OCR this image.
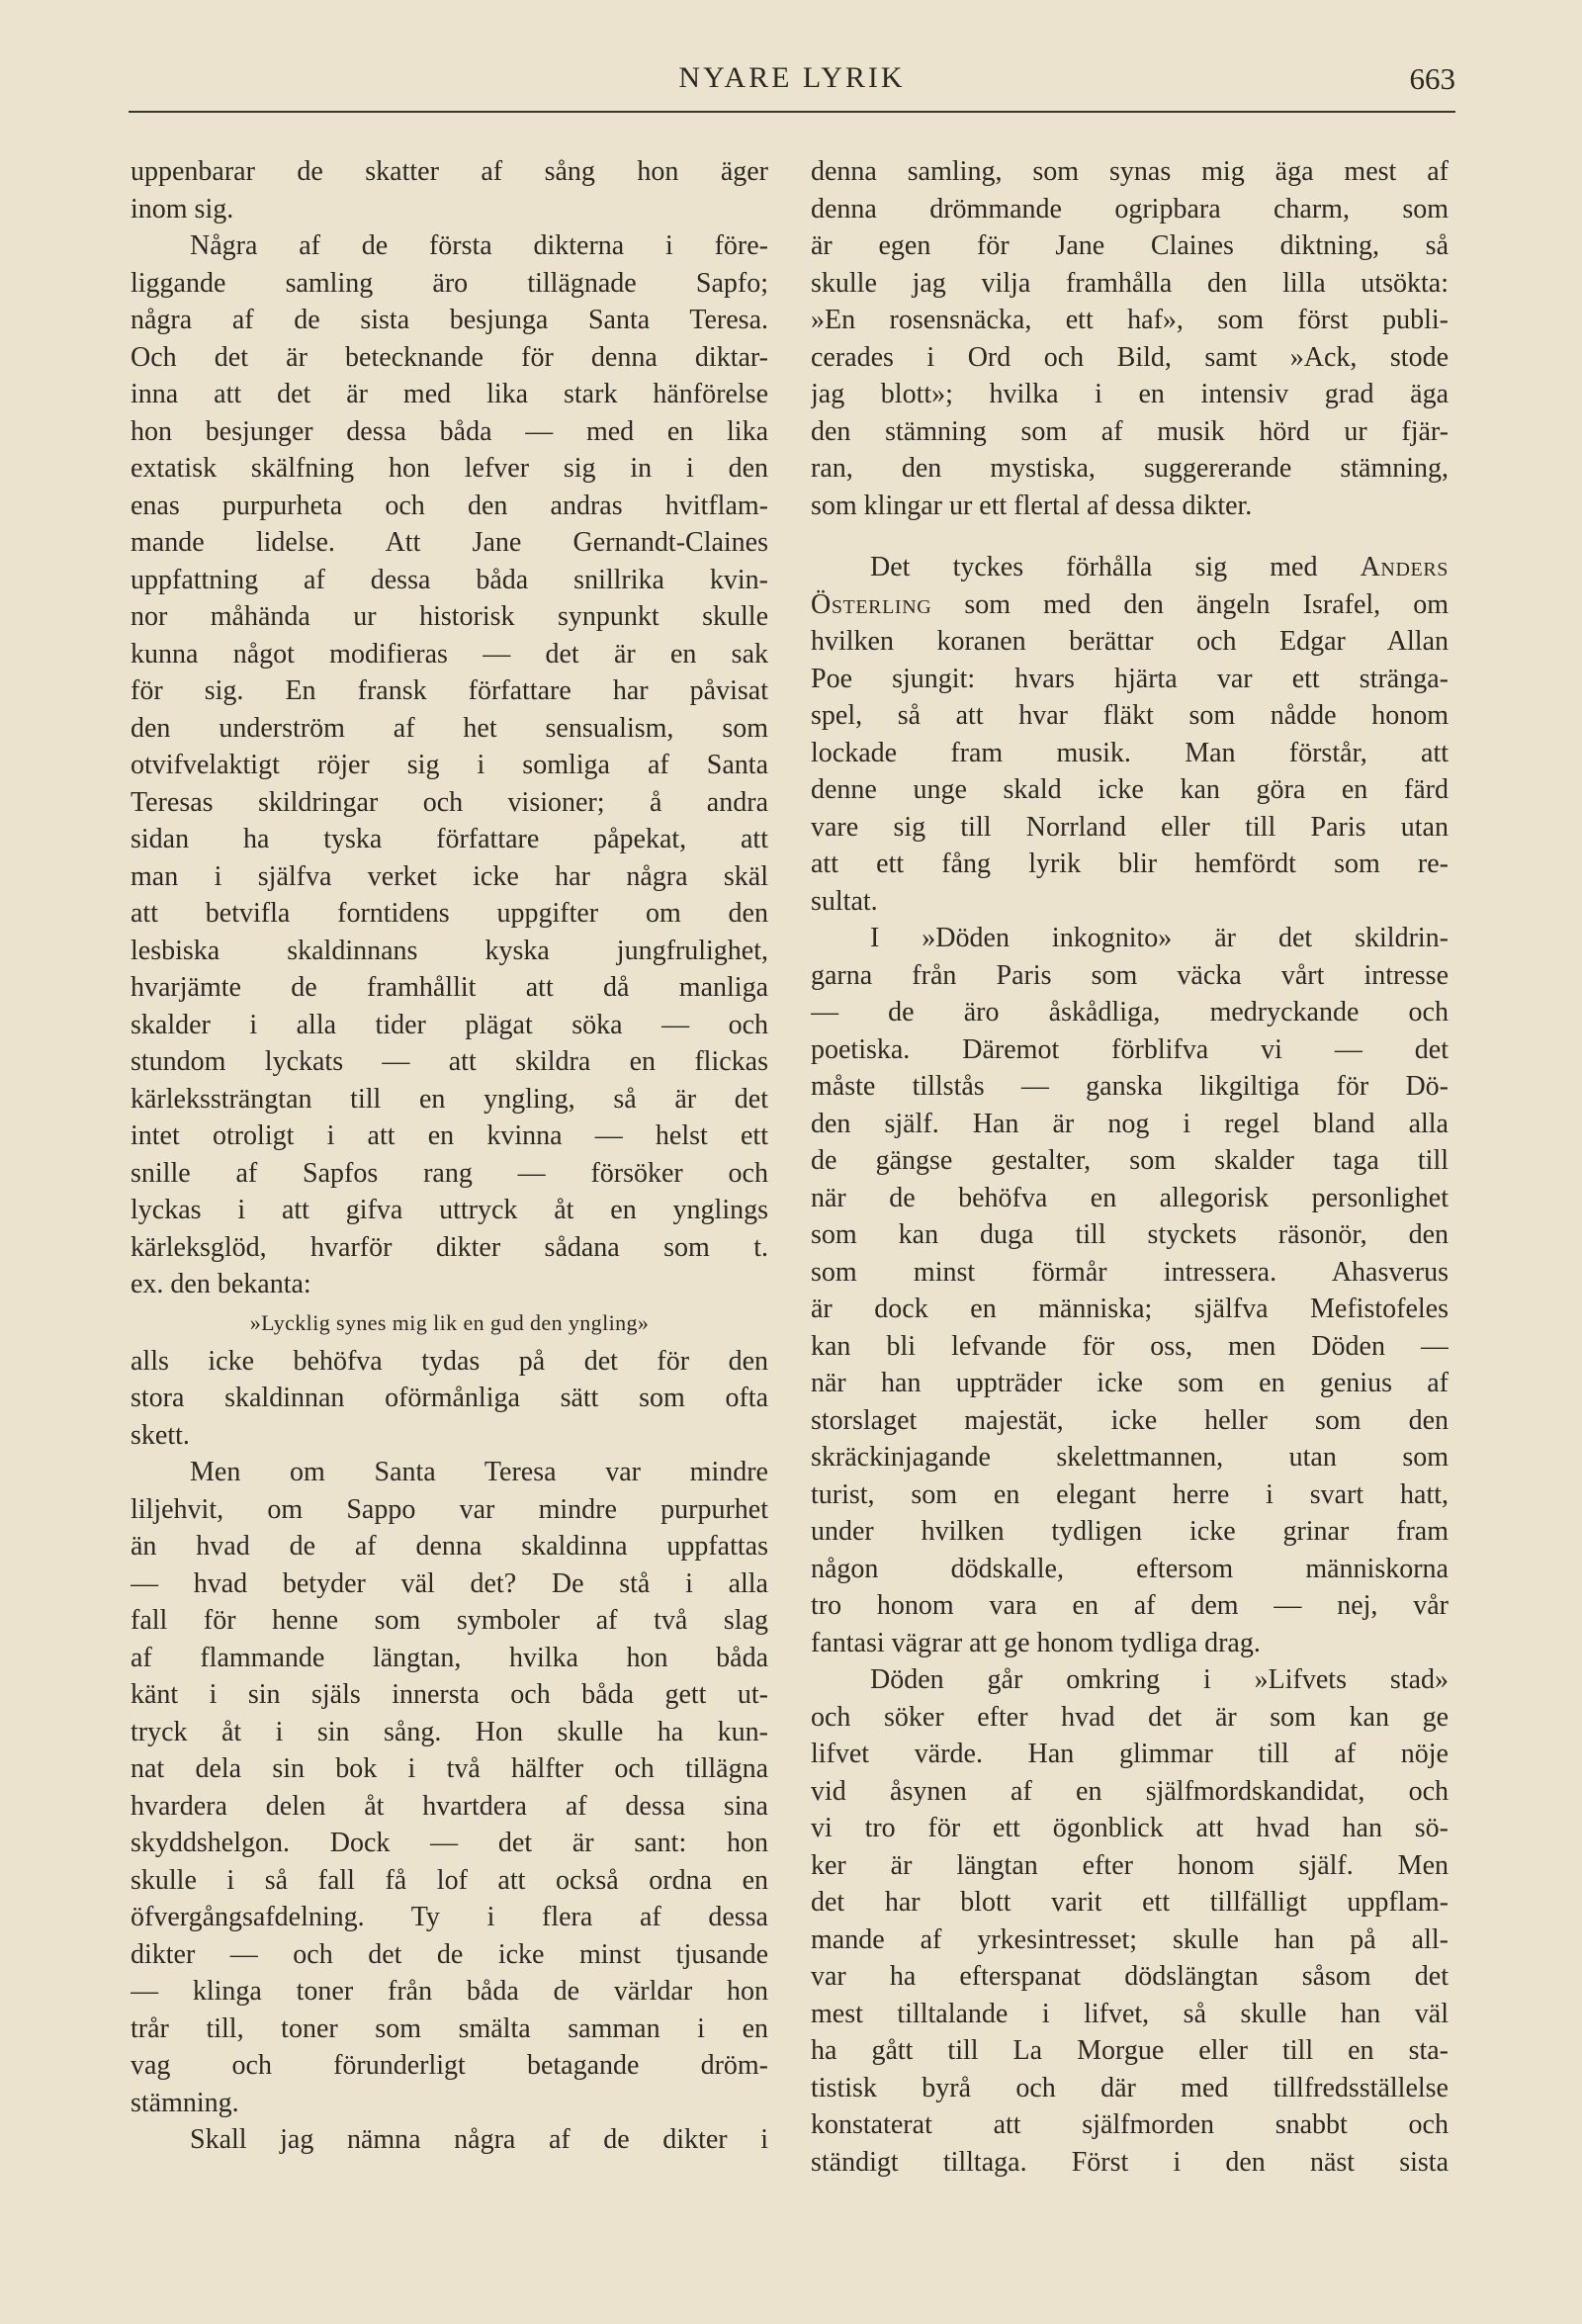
NYARE LYRIK	663
uppenbarar de skatter af sång hon äger
inom sig.
Några af de första dikterna i före-
liggande samling äro tillägnade Sapfo;
några af de sista besjunga Santa Teresa.
Och det är betecknande för denna diktar-
inna att det är med lika stark hänförelse
hon besjunger dessa båda — med en lika
extatisk skälfning hon lefver sig in i den
enas purpurheta och den andras hvitflam-
mande lidelse. Att Jane Gernandt-Claines
uppfattning af dessa båda snillrika kvin-
nor måhända ur historisk synpunkt skulle
kunna något modifieras — det är en sak
för sig. En fransk författare har påvisat
den underström af het sensualism, som
otvifvelaktigt röjer sig i somliga af Santa
Teresas skildringar och visioner; å andra
sidan ha tyska författare påpekat, att
man i själfva verket icke har några skäl
att betvifla forntidens uppgifter om den
lesbiska skaldinnans kyska jungfrulighet,
hvarjämte de framhållit att då manliga
skalder i alla tider plägat söka — och
stundom lyckats — att skildra en flickas
kärlekssträngtan till en yngling, så är det
intet otroligt i att en kvinna — helst ett
snille af Sapfos rang — försöker och
lyckas i att gifva uttryck åt en ynglings
kärleksglöd, hvarför dikter sådana som t.
ex. den bekanta:
»Lycklig synes mig lik en gud den yngling»
alls icke behöfva tydas på det för den
stora skaldinnan oförmånliga sätt som ofta
skett.
Men om Santa Teresa var mindre
liljehvit, om Sappo var mindre purpurhet
än hvad de af denna skaldinna uppfattas
— hvad betyder väl det? De stå i alla
fall för henne som symboler af två slag
af flammande längtan, hvilka hon båda
känt i sin själs innersta och båda gett ut-
tryck åt i sin sång. Hon skulle ha kun-
nat dela sin bok i två hälfter och tillägna
hvardera delen åt hvartdera af dessa sina
skyddshelgon. Dock — det är sant: hon
skulle i så fall få lof att också ordna en
öfvergångsafdelning. Ty i flera af dessa
dikter — och det de icke minst tjusande
— klinga toner från båda de världar hon
trår till, toner som smälta samman i en
vag och förunderligt betagande dröm-
stämning.
Skall jag nämna några af de dikter i
denna samling, som synas mig äga mest af
denna drömmande ogripbara charm, som
är egen för Jane Claines diktning, så
skulle jag vilja framhålla den lilla utsökta:
»En rosensnäcka, ett haf», som först publi-
cerades i Ord och Bild, samt »Ack, stode
jag blott»; hvilka i en intensiv grad äga
den stämning som af musik hörd ur fjär-
ran, den mystiska, suggererande stämning,
som klingar ur ett flertal af dessa dikter.
Det tyckes förhålla sig med Anders
Österling som med den ängeln Israfel, om
hvilken koranen berättar och Edgar Allan
Poe sjungit: hvars hjärta var ett stränga-
spel, så att hvar fläkt som nådde honom
lockade fram musik. Man förstår, att
denne unge skald icke kan göra en färd
vare sig till Norrland eller till Paris utan
att ett fång lyrik blir hemfördt som re-
sultat.
I »Döden inkognito» är det skildrin-
garna från Paris som väcka vårt intresse
— de äro åskådliga, medryckande och
poetiska. Däremot förblifva vi — det
måste tillstås — ganska likgiltiga för Dö-
den själf. Han är nog i regel bland alla
de gängse gestalter, som skalder taga till
när de behöfva en allegorisk personlighet
som kan duga till styckets räsonör, den
som minst förmår intressera. Ahasverus
är dock en människa; själfva Mefistofeles
kan bli lefvande för oss, men Döden —
när han uppträder icke som en genius af
storslaget majestät, icke heller som den
skräckinjagande skelettmannen, utan som
turist, som en elegant herre i svart hatt,
under hvilken tydligen icke grinar fram
någon dödskalle, eftersom människorna
tro honom vara en af dem — nej, vår
fantasi vägrar att ge honom tydliga drag.
Döden går omkring i »Lifvets stad»
och söker efter hvad det är som kan ge
lifvet värde. Han glimmar till af nöje
vid åsynen af en själfmordskandidat, och
vi tro för ett ögonblick att hvad han sö-
ker är längtan efter honom själf. Men
det har blott varit ett tillfälligt uppflam-
mande af yrkesintresset; skulle han på all-
var ha efterspanat dödslängtan såsom det
mest tilltalande i lifvet, så skulle han väl
ha gått till La Morgue eller till en sta-
tistisk byrå och där med tillfredsställelse
konstaterat att själfmorden snabbt och
ständigt tilltaga. Först i den näst sista
